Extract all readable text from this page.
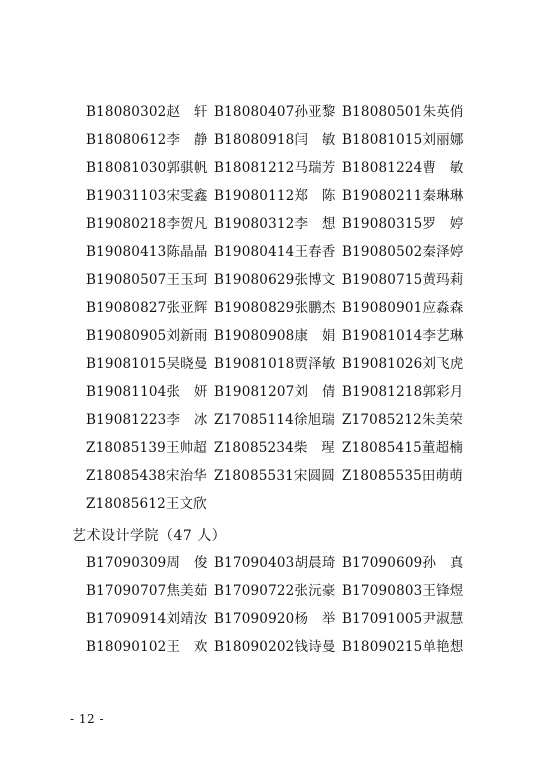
B18080302 赵　轩 B18080407 孙亚黎 B18080501 朱英俏
B18080612 李　静 B18080918 闫　敏 B18081015 刘丽娜
B18081030 郭骐帆 B18081212 马瑞芳 B18081224 曹　敏
B19031103 宋雯鑫 B19080112 郑　陈 B19080211 秦琳琳
B19080218 李贺凡 B19080312 李　想 B19080315 罗　婷
B19080413 陈晶晶 B19080414 王春香 B19080502 秦泽婷
B19080507 王玉珂 B19080629 张博文 B19080715 黄玛莉
B19080827 张亚辉 B19080829 张鹏杰 B19080901 应淼森
B19080905 刘新雨 B19080908 康　娟 B19081014 李艺琳
B19081015 吴晓曼 B19081018 贾泽敏 B19081026 刘飞虎
B19081104 张　妍 B19081207 刘　倩 B19081218 郭彩月
B19081223 李　冰 Z17085114 徐旭瑞 Z17085212 朱美荣
Z18085139 王帅超 Z18085234 柴　瑆 Z18085415 董超楠
Z18085438 宋治华 Z18085531 宋圆圆 Z18085535 田萌萌
Z18085612 王文欣
艺术设计学院（47 人）
B17090309 周　俊 B17090403 胡晨琦 B17090609 孙　真
B17090707 焦美茹 B17090722 张沅豪 B17090803 王锋煜
B17090914 刘靖汝 B17090920 杨　举 B17091005 尹淑慧
B18090102 王　欢 B18090202 钱诗曼 B18090215 单艳想
- 12 -
